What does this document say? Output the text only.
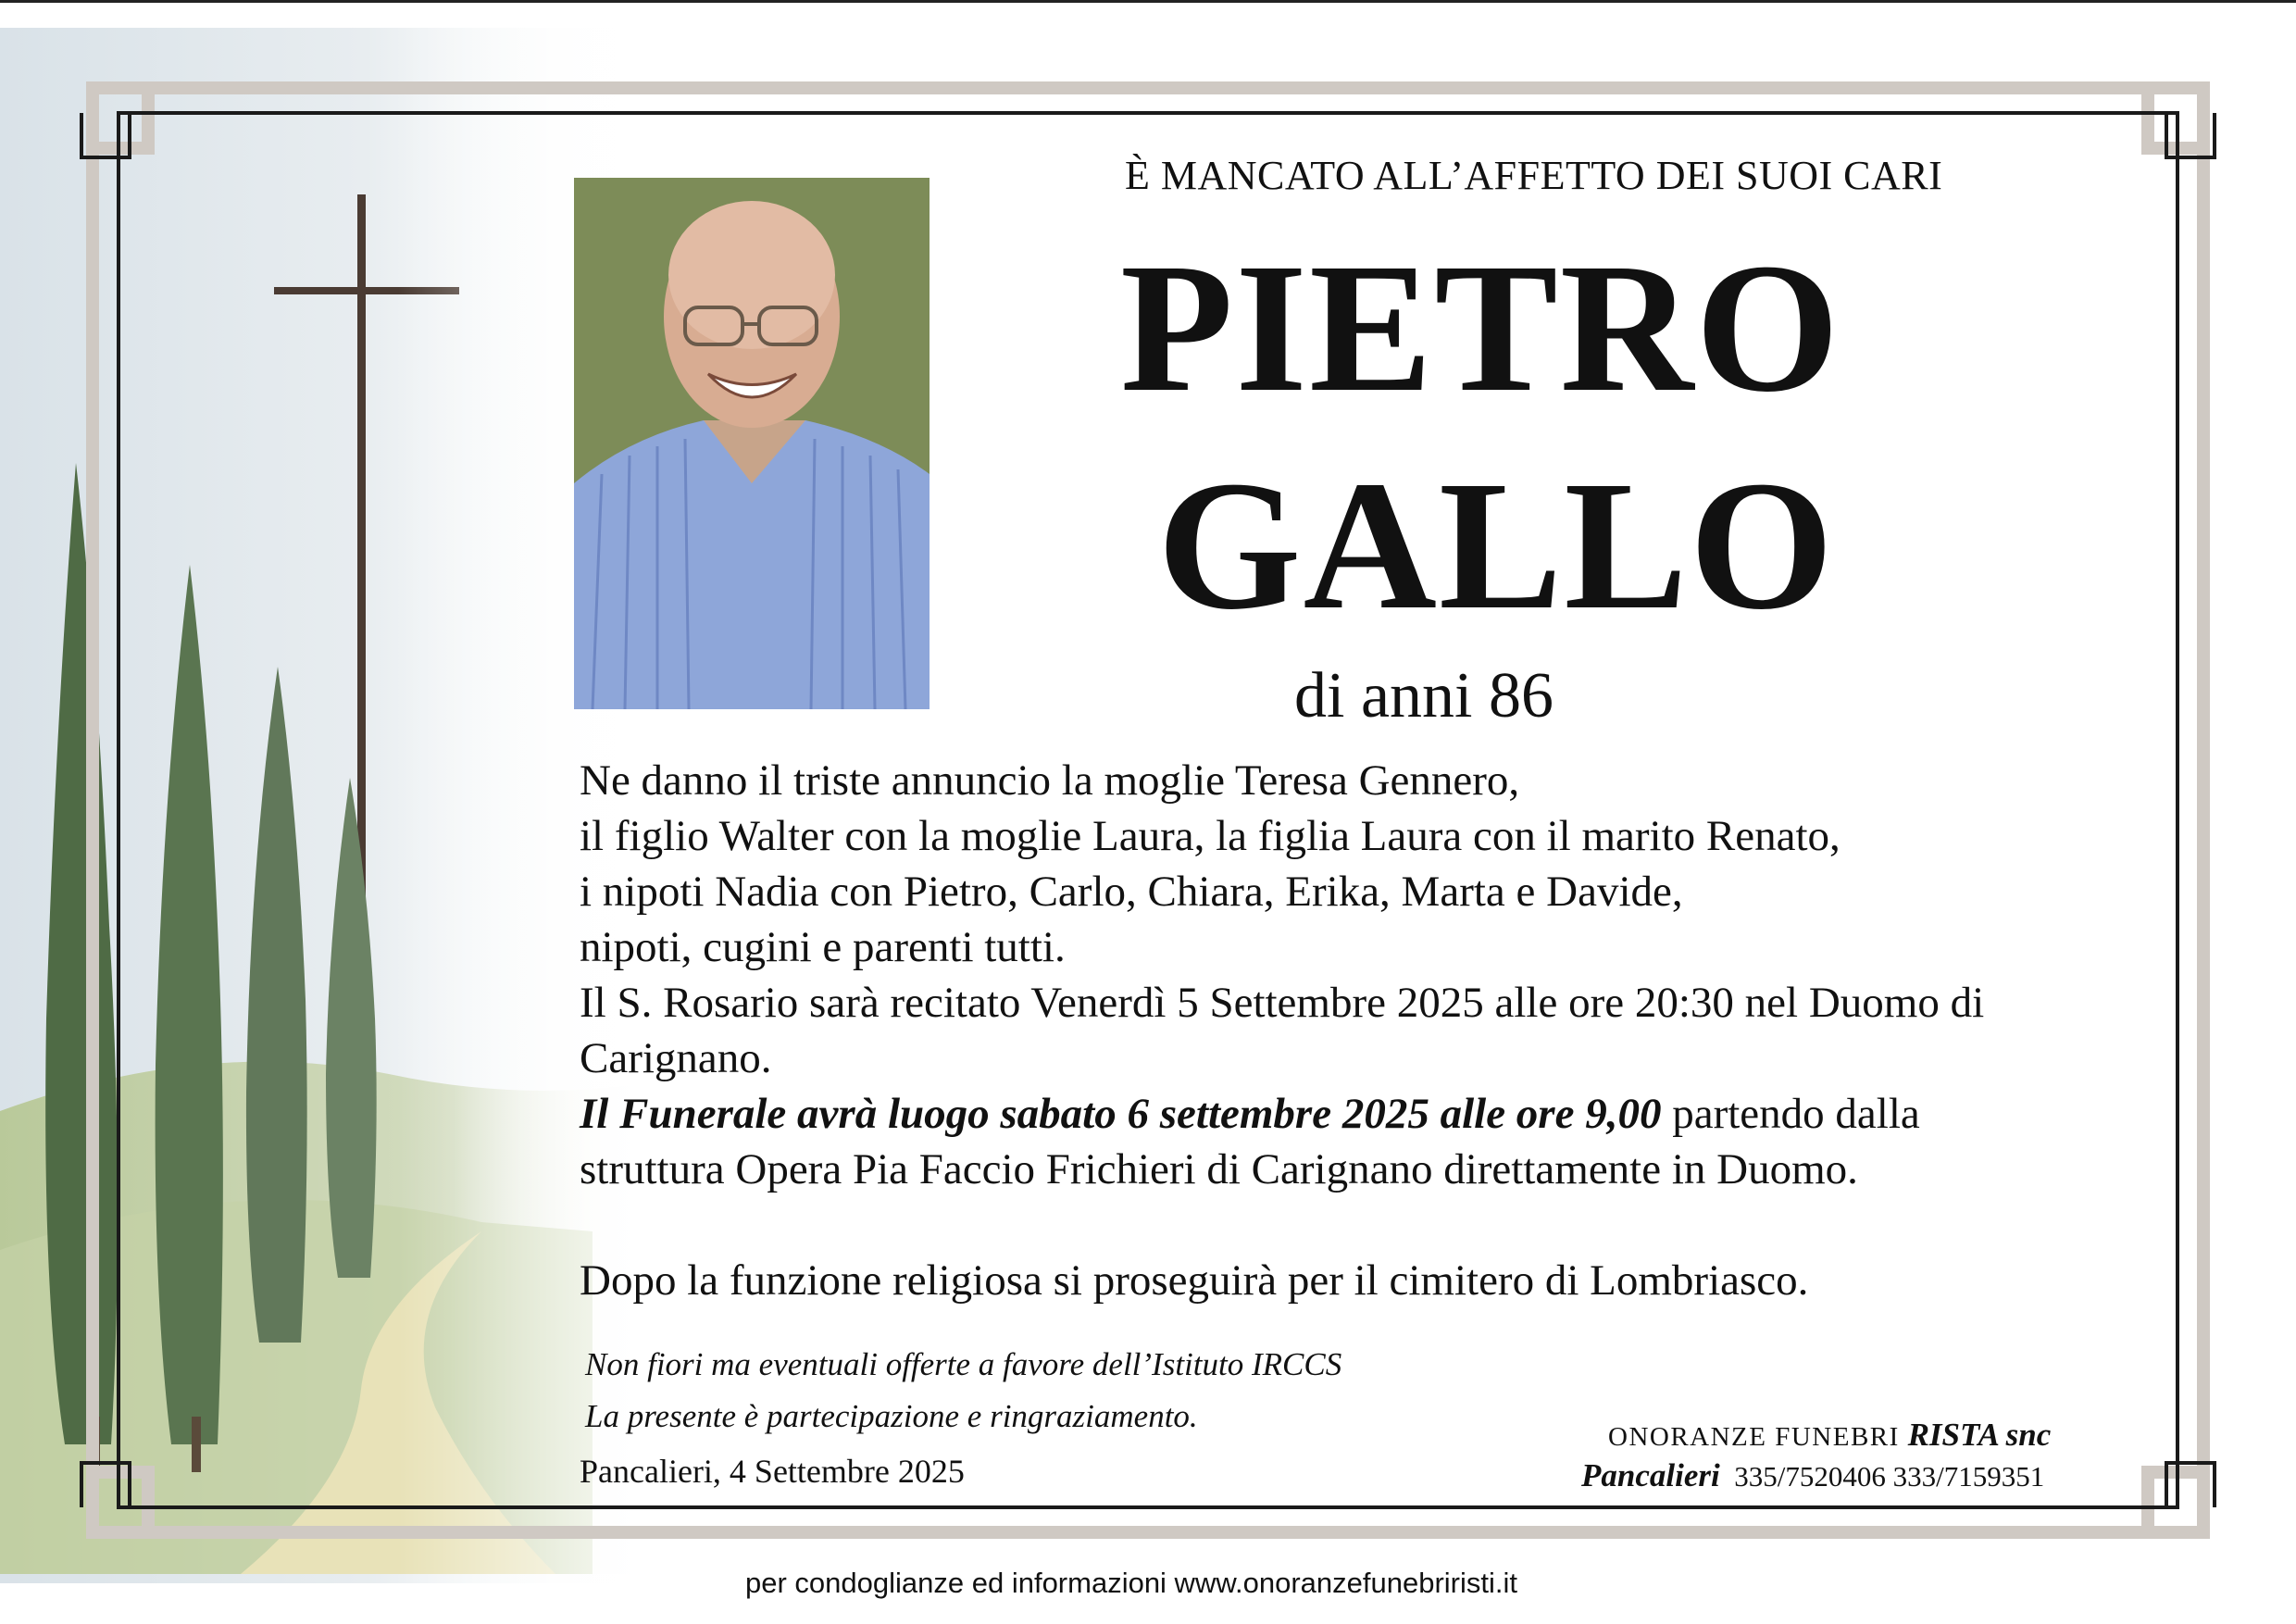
È MANCATO ALL’AFFETTO DEI SUOI CARI
PIETRO
GALLO
di anni 86
Ne danno il triste annuncio la moglie Teresa Gennero,
il figlio Walter con la moglie Laura, la figlia Laura con il marito Renato,
i nipoti Nadia con Pietro, Carlo, Chiara, Erika, Marta e Davide,
nipoti, cugini e parenti tutti.
Il S. Rosario sarà recitato Venerdì 5 Settembre 2025 alle ore 20:30 nel Duomo di
Carignano.
Il Funerale avrà luogo sabato 6 settembre 2025 alle ore 9,00 partendo dalla
struttura Opera Pia Faccio Frichieri di Carignano direttamente in Duomo.
Dopo la funzione religiosa si proseguirà per il cimitero di Lombriasco.
Non fiori ma eventuali offerte a favore dell’Istituto IRCCS
La presente è partecipazione e ringraziamento.
Pancalieri, 4 Settembre 2025
ONORANZE FUNEBRI RISTA snc
Pancalieri 335/7520406 333/7159351
per condoglianze ed informazioni www.onoranzefunebriristi.it
